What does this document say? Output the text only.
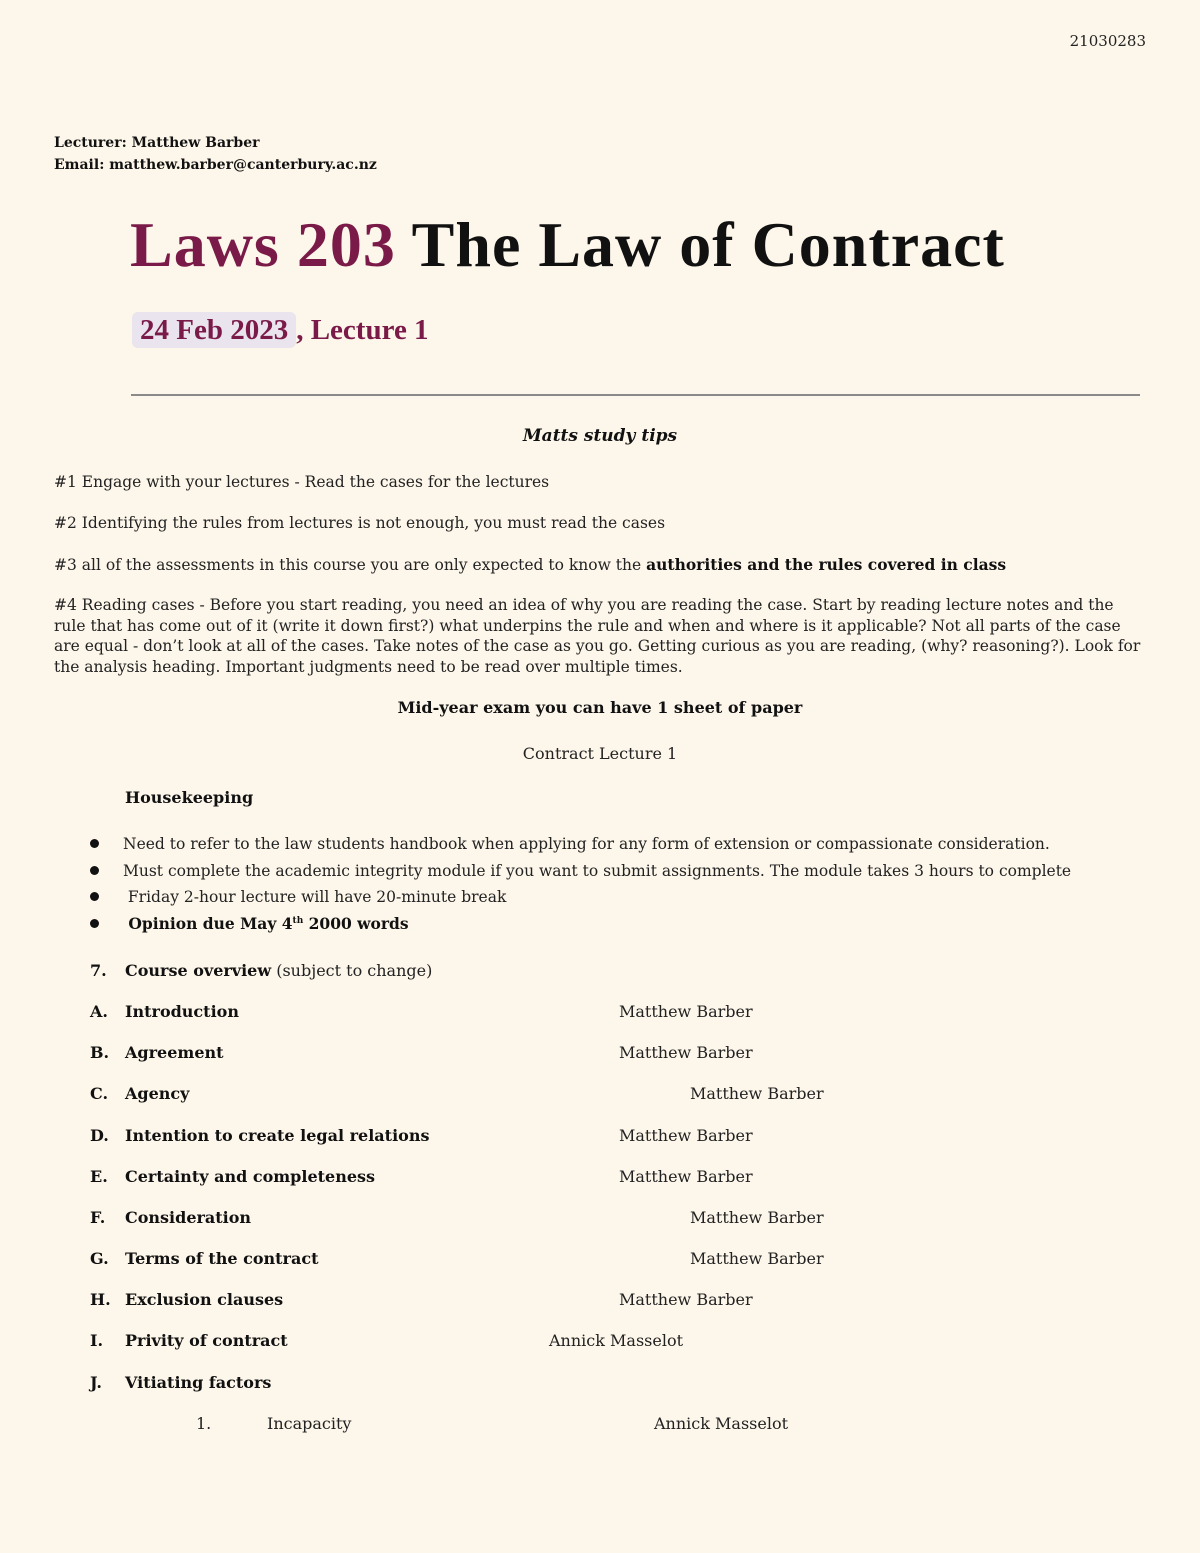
21030283
Lecturer: Matthew Barber
Email: matthew.barber@canterbury.ac.nz
Laws 203 The Law of Contract
24 Feb 2023 , Lecture 1
Matts study tips
#1 Engage with your lectures - Read the cases for the lectures
#2 Identifying the rules from lectures is not enough, you must read the cases
#3 all of the assessments in this course you are only expected to know the authorities and the rules covered in class
#4 Reading cases - Before you start reading, you need an idea of why you are reading the case. Start by reading lecture notes and the rule that has come out of it (write it down first?) what underpins the rule and when and where is it applicable? Not all parts of the case are equal - don’t look at all of the cases. Take notes of the case as you go. Getting curious as you are reading, (why? reasoning?). Look for the analysis heading. Important judgments need to be read over multiple times.
Mid-year exam you can have 1 sheet of paper
Contract Lecture 1
Housekeeping
Need to refer to the law students handbook when applying for any form of extension or compassionate consideration.
Must complete the academic integrity module if you want to submit assignments. The module takes 3 hours to complete
Friday 2-hour lecture will have 20-minute break
Opinion due May 4th 2000 words
7. Course overview (subject to change)
A. Introduction	Matthew Barber
B. Agreement	Matthew Barber
C. Agency	Matthew Barber
D. Intention to create legal relations	Matthew Barber
E. Certainty and completeness	Matthew Barber
F. Consideration	Matthew Barber
G. Terms of the contract	Matthew Barber
H. Exclusion clauses	Matthew Barber
I. Privity of contract	Annick Masselot
J. Vitiating factors
1.	Incapacity	Annick Masselot
